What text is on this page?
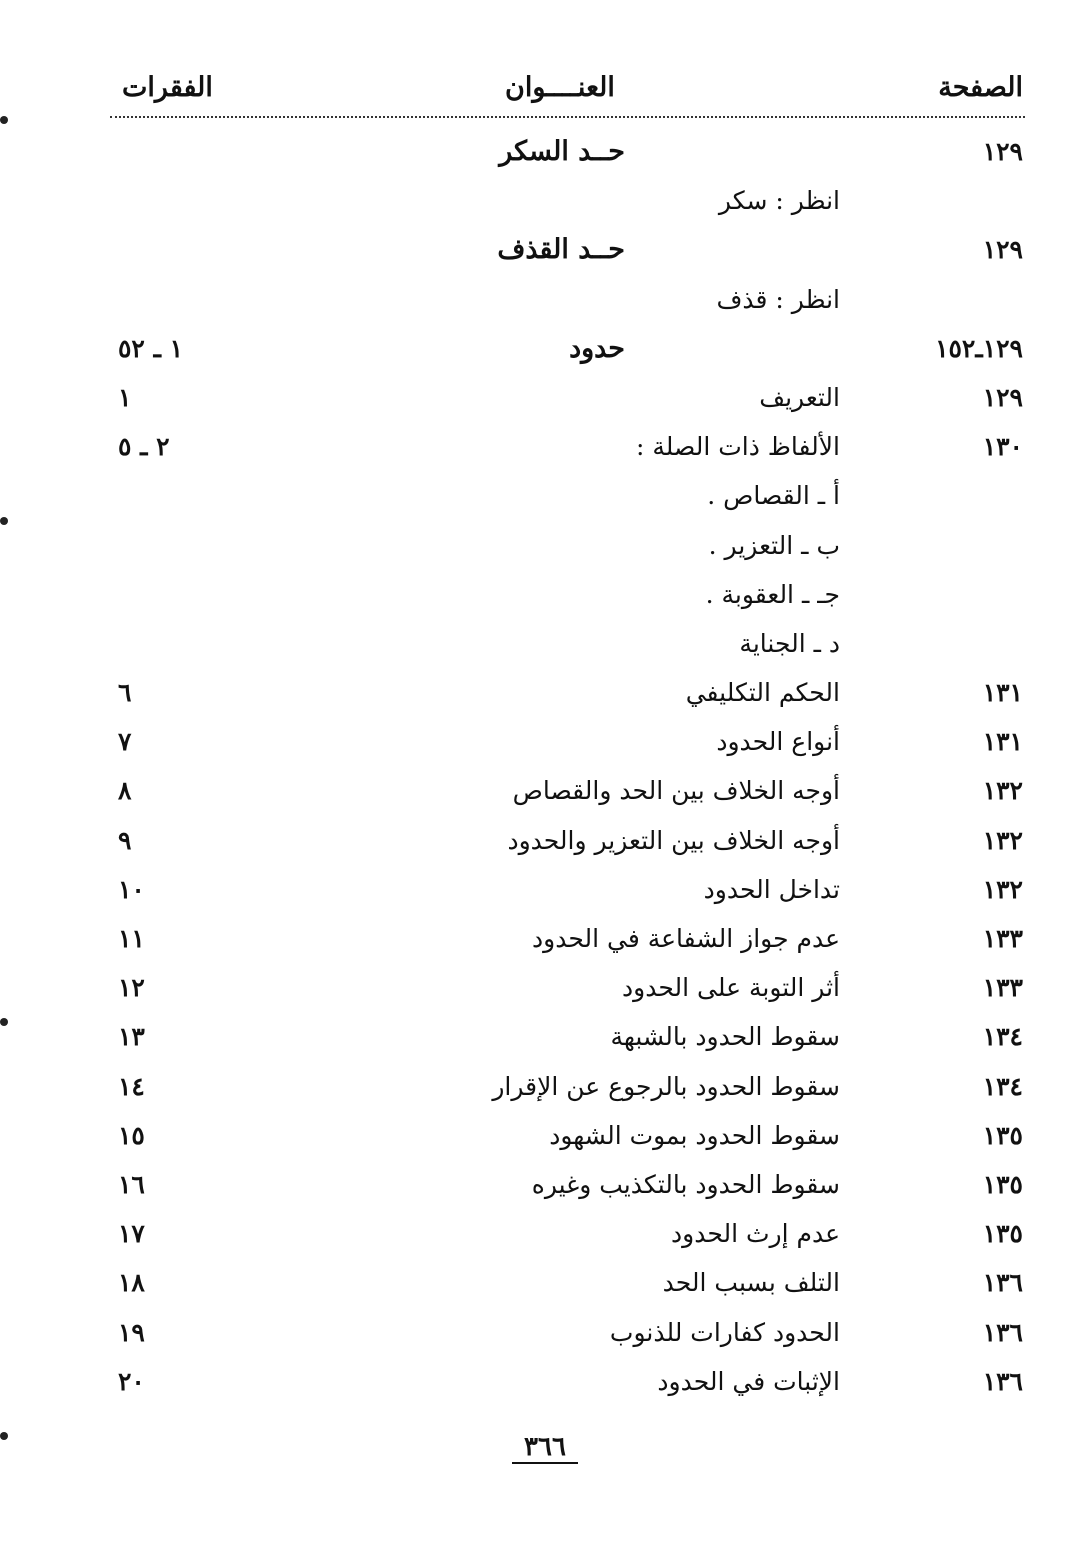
الصفحة
العنــــوان
الفقرات
١٢٩
حــد السكر
انظر : سكر
١٢٩
حــد القذف
انظر : قذف
١٢٩ـ١٥٢
حدود
١ ـ ٥٢
١٢٩
التعريف
١
١٣٠
الألفاظ ذات الصلة :
٢ ـ ٥
أ ـ القصاص .
ب ـ التعزير .
جـ ـ العقوبة .
د ـ الجناية
١٣١
الحكم التكليفي
٦
١٣١
أنواع الحدود
٧
١٣٢
أوجه الخلاف بين الحد والقصاص
٨
١٣٢
أوجه الخلاف بين التعزير والحدود
٩
١٣٢
تداخل الحدود
١٠
١٣٣
عدم جواز الشفاعة في الحدود
١١
١٣٣
أثر التوبة على الحدود
١٢
١٣٤
سقوط الحدود بالشبهة
١٣
١٣٤
سقوط الحدود بالرجوع عن الإقرار
١٤
١٣٥
سقوط الحدود بموت الشهود
١٥
١٣٥
سقوط الحدود بالتكذيب وغيره
١٦
١٣٥
عدم إرث الحدود
١٧
١٣٦
التلف بسبب الحد
١٨
١٣٦
الحدود كفارات للذنوب
١٩
١٣٦
الإثبات في الحدود
٢٠
٣٦٦
